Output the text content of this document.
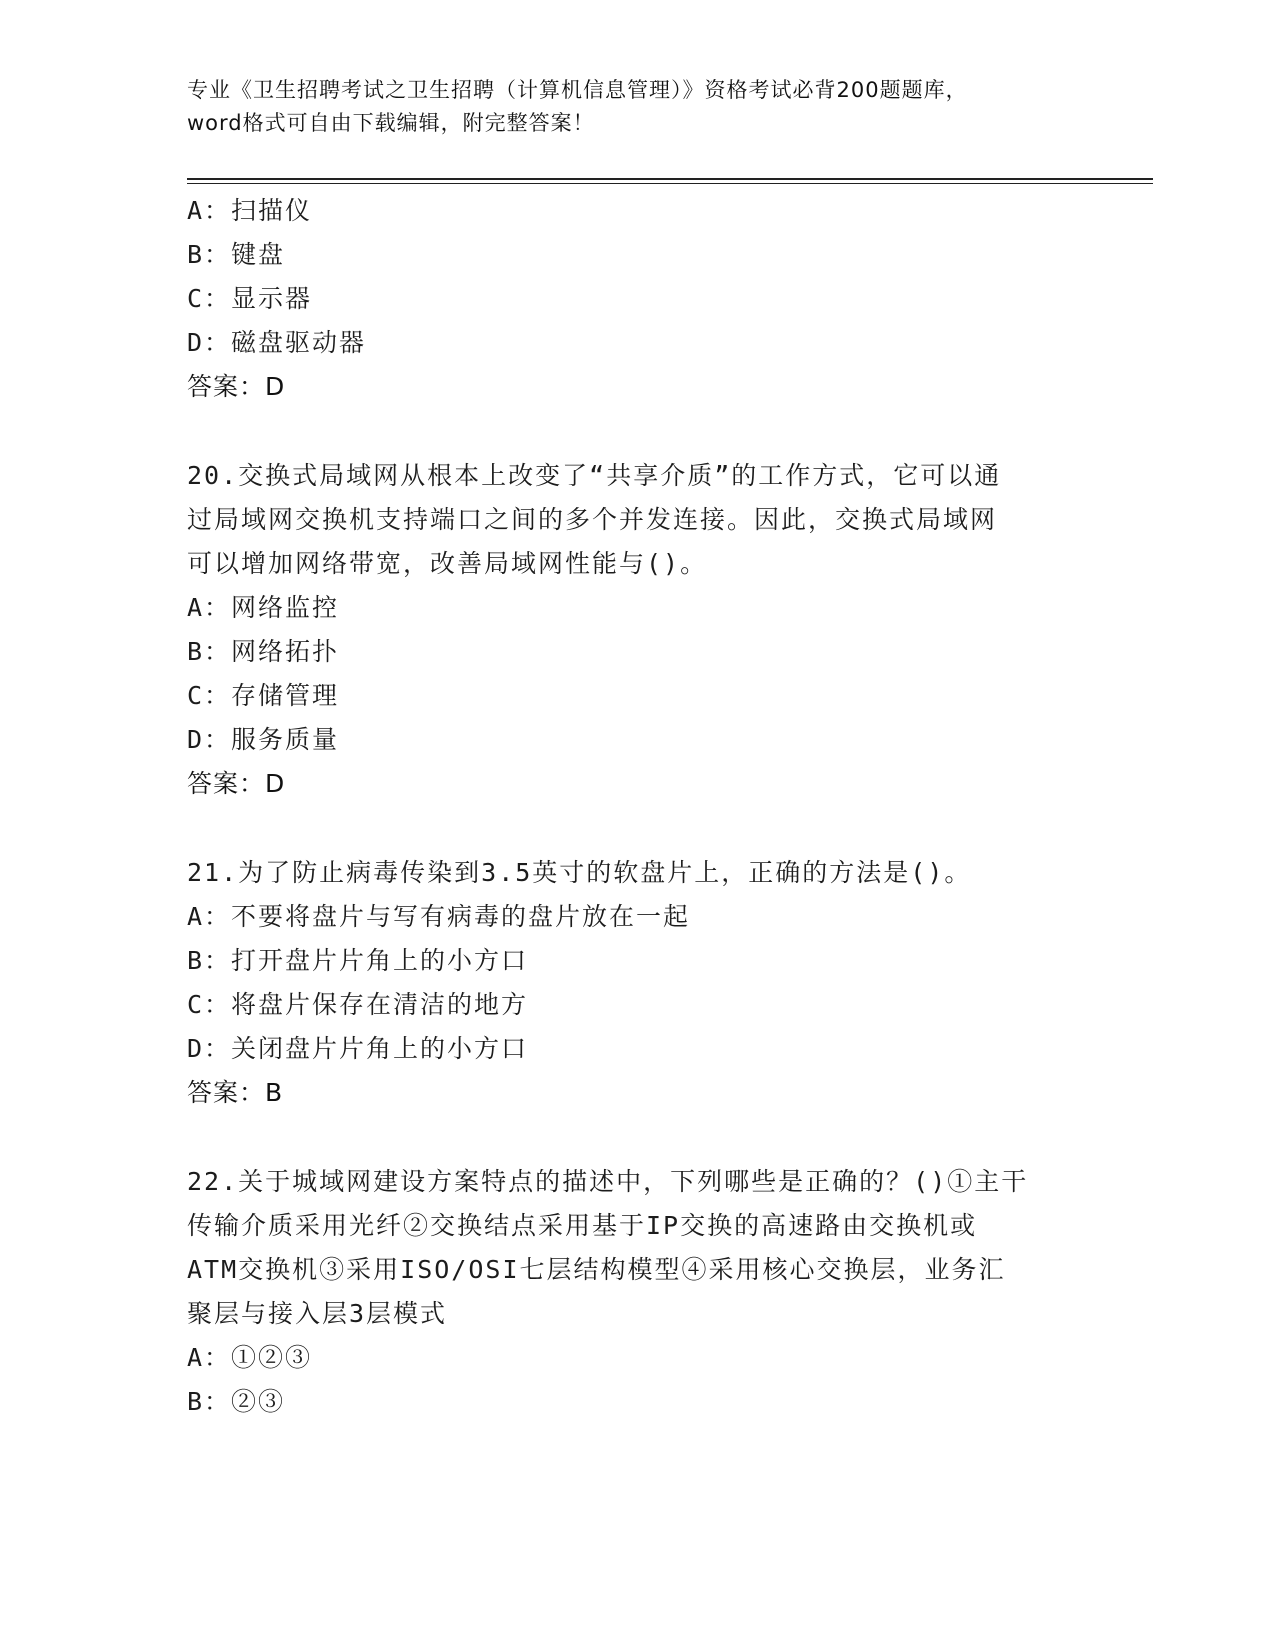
专业《卫生招聘考试之卫生招聘（计算机信息管理）》资格考试必背200题题库，
word格式可自由下载编辑，附完整答案！
A：扫描仪
B：键盘
C：显示器
D：磁盘驱动器
答案：D
20.交换式局域网从根本上改变了“共享介质”的工作方式，它可以通
过局域网交换机支持端口之间的多个并发连接。因此，交换式局域网
可以增加网络带宽，改善局域网性能与()。
A：网络监控
B：网络拓扑
C：存储管理
D：服务质量
答案：D
21.为了防止病毒传染到3.5英寸的软盘片上，正确的方法是()。
A：不要将盘片与写有病毒的盘片放在一起
B：打开盘片片角上的小方口
C：将盘片保存在清洁的地方
D：关闭盘片片角上的小方口
答案：B
22.关于城域网建设方案特点的描述中，下列哪些是正确的？()①主干
传输介质采用光纤②交换结点采用基于IP交换的高速路由交换机或
ATM交换机③采用ISO/OSI七层结构模型④采用核心交换层，业务汇
聚层与接入层3层模式
A：①②③
B：②③
